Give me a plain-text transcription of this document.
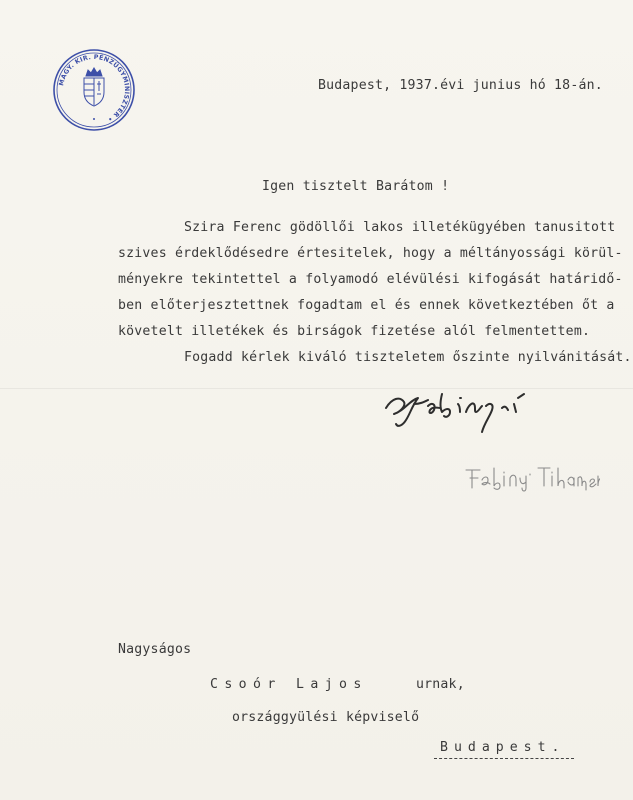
MAGY. KIR. PÉNZÜGYMINISZTER •
Budapest, 1937.évi junius hó 18-án.
Igen tisztelt Barátom !
Szira Ferenc gödöllői lakos illetékügyében tanusitott
szives érdeklődésedre értesitelek, hogy a méltányossági körül-
ményekre tekintettel a folyamodó elévülési kifogását határidő-
ben előterjesztettnek fogadtam el és ennek következtében őt a
követelt illetékek és birságok fizetése alól felmentettem.
Fogadd kérlek kiváló tiszteletem őszinte nyilvánitását.
Nagyságos
Csoór Lajos	urnak,
országgyülési képviselő
Budapest.
